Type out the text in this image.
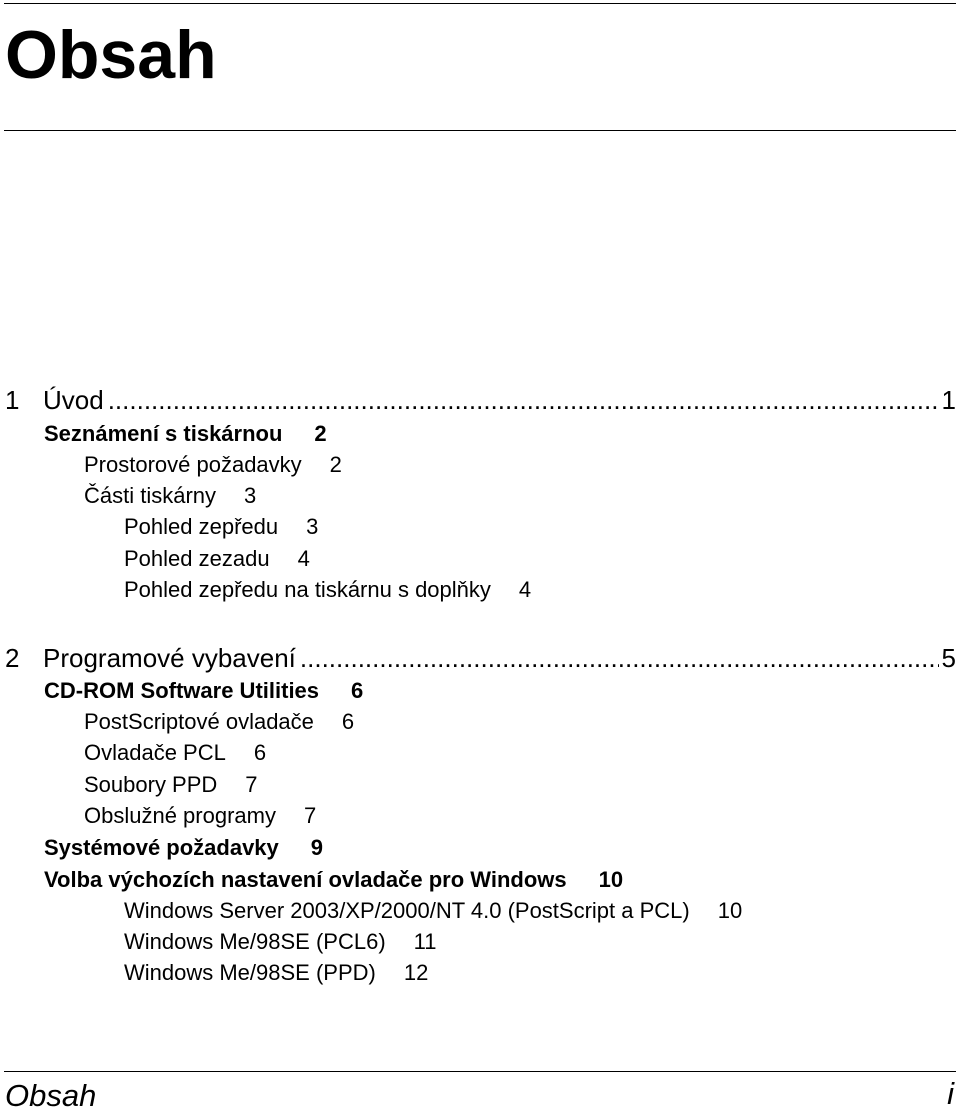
Obsah
1 Úvod .....	1
Seznámení s tiskárnou 2
Prostorové požadavky 2
Části tiskárny 3
Pohled zepředu 3
Pohled zezadu 4
Pohled zepředu na tiskárnu s doplňky 4
2 Programové vybavení .....	5
CD-ROM Software Utilities 6
PostScriptové ovladače 6
Ovladače PCL 6
Soubory PPD 7
Obslužné programy 7
Systémové požadavky 9
Volba výchozích nastavení ovladače pro Windows 10
Windows Server 2003/XP/2000/NT 4.0 (PostScript a PCL) 10
Windows Me/98SE (PCL6) 11
Windows Me/98SE (PPD) 12
Obsah	i
